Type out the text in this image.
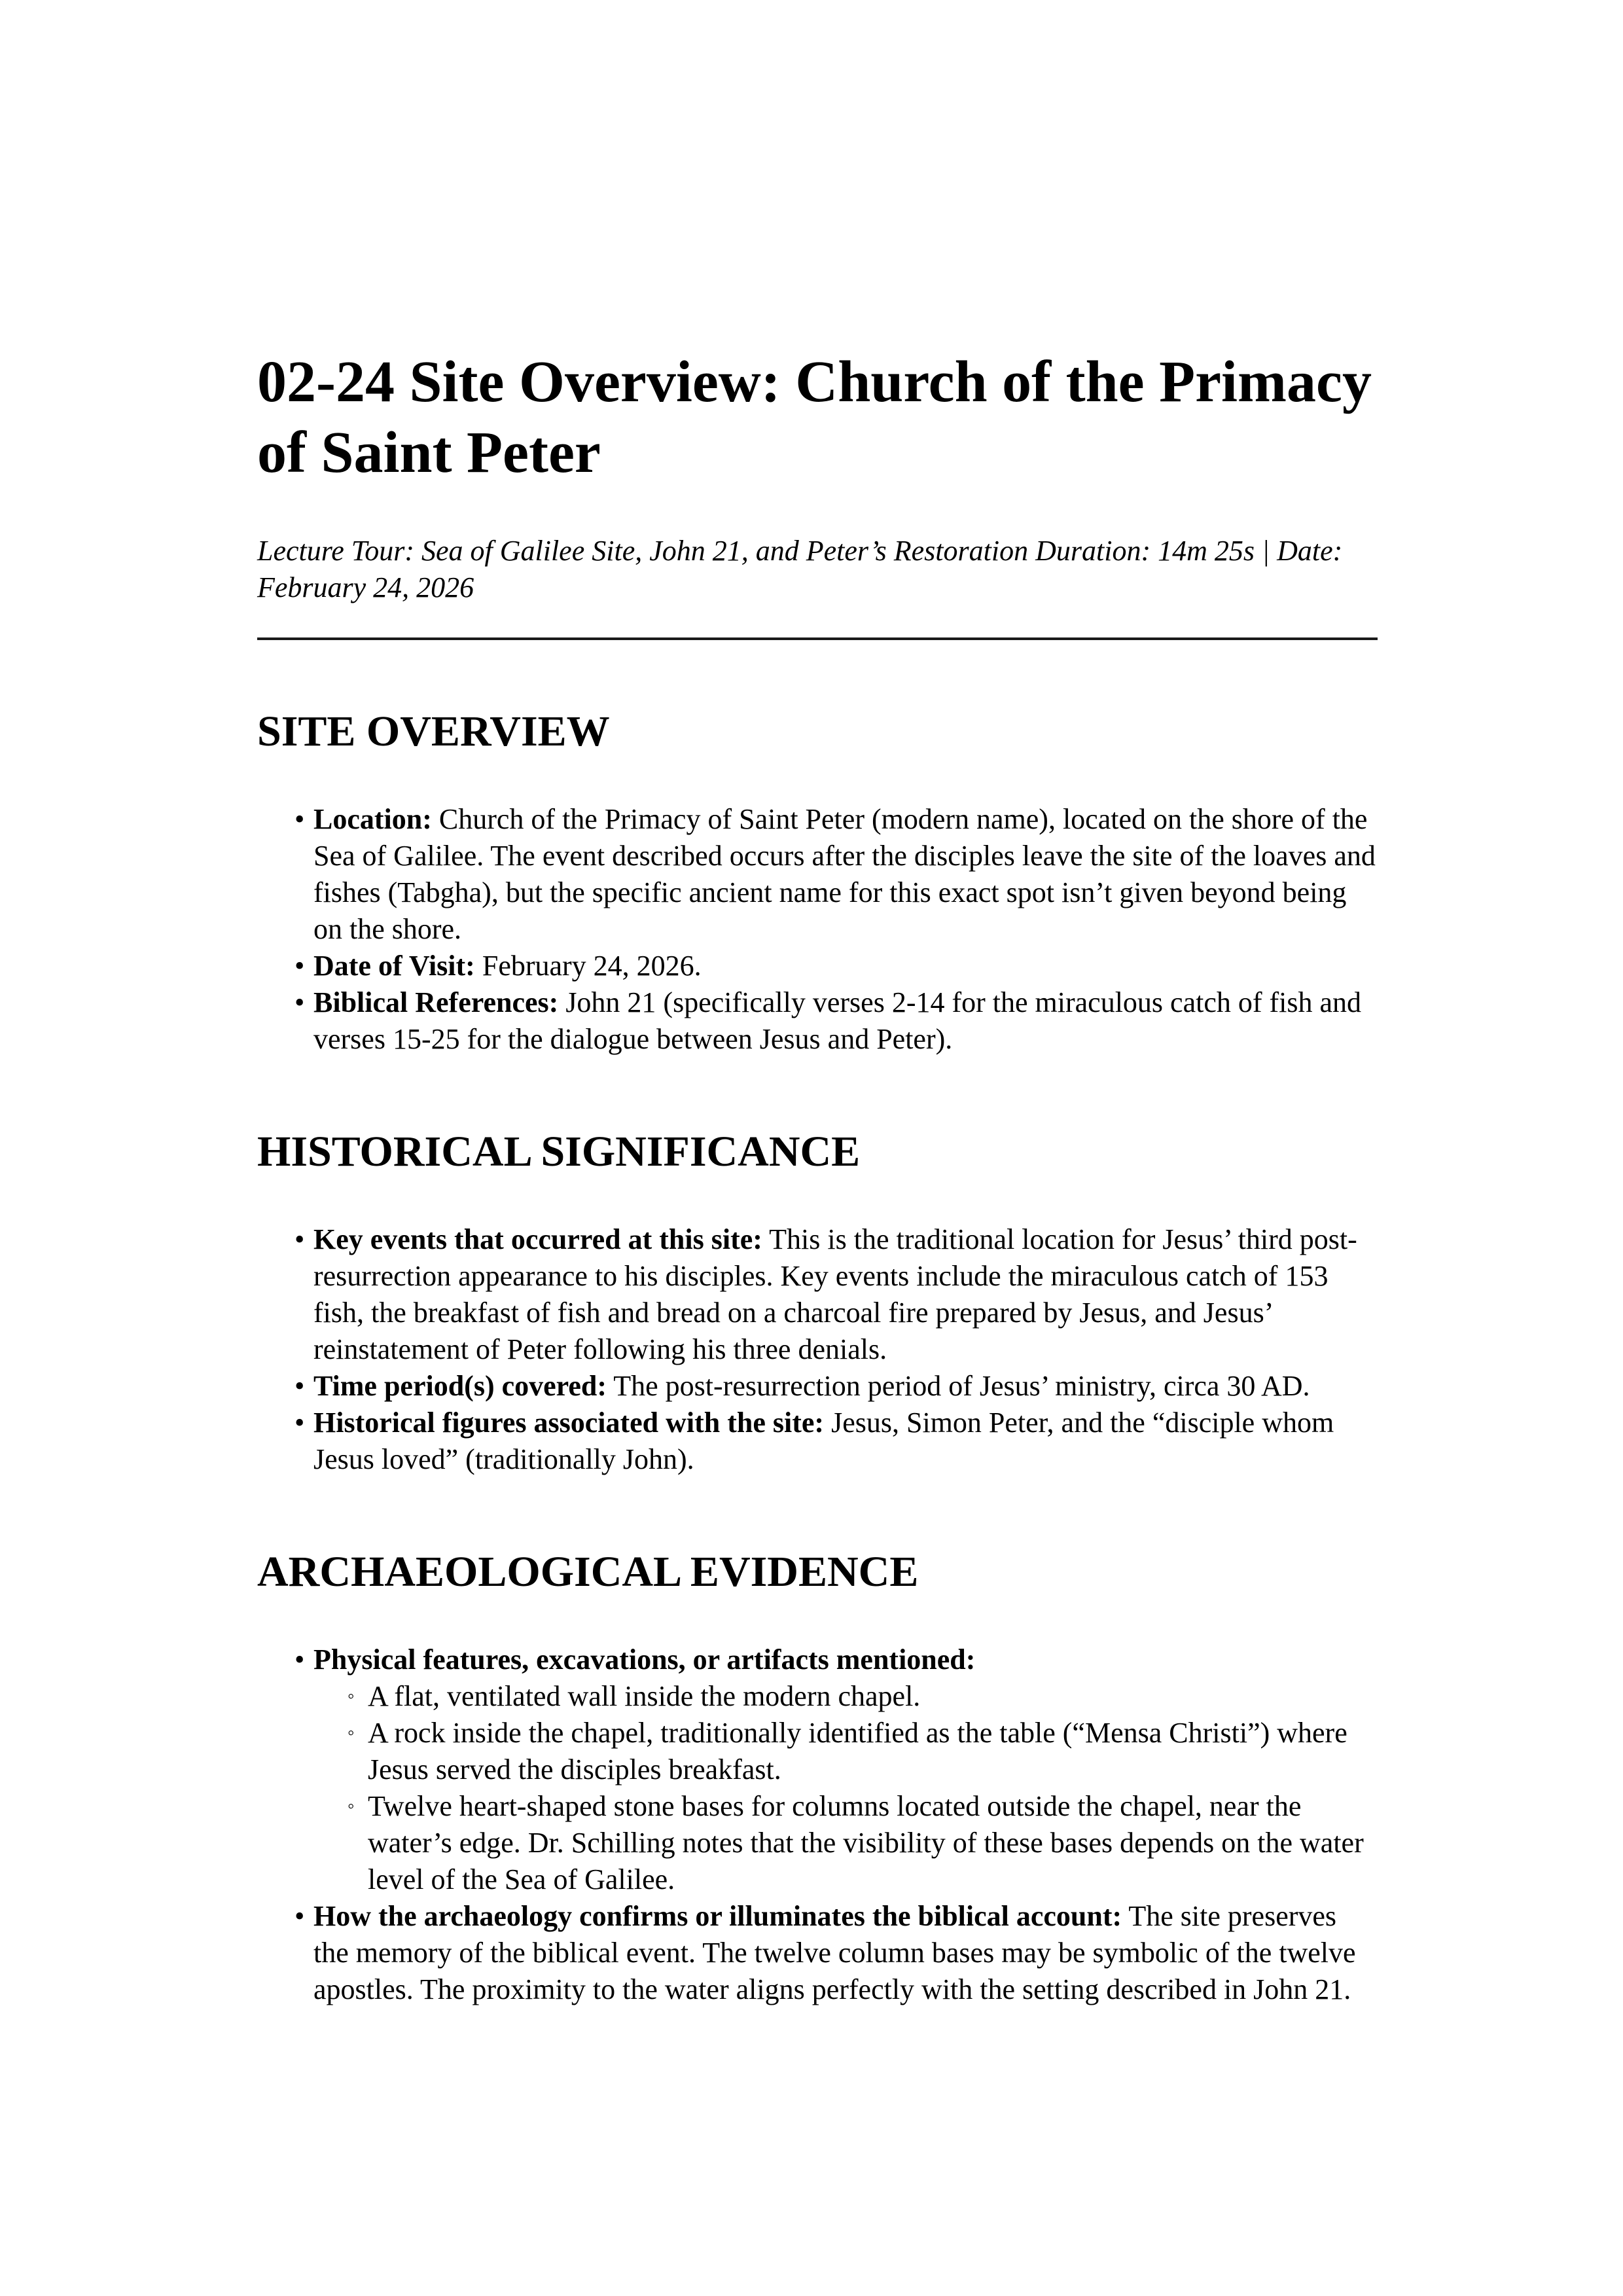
02-24 Site Overview: Church of the Primacy of Saint Peter
Lecture Tour: Sea of Galilee Site, John 21, and Peter’s Restoration Duration: 14m 25s | Date: February 24, 2026
SITE OVERVIEW
• Location: Church of the Primacy of Saint Peter (modern name), located on the shore of the Sea of Galilee. The event described occurs after the disciples leave the site of the loaves and fishes (Tabgha), but the specific ancient name for this exact spot isn’t given beyond being on the shore.
• Date of Visit: February 24, 2026.
• Biblical References: John 21 (specifically verses 2-14 for the miraculous catch of fish and verses 15-25 for the dialogue between Jesus and Peter).
HISTORICAL SIGNIFICANCE
• Key events that occurred at this site: This is the traditional location for Jesus’ third post-resurrection appearance to his disciples. Key events include the miraculous catch of 153 fish, the breakfast of fish and bread on a charcoal fire prepared by Jesus, and Jesus’ reinstatement of Peter following his three denials.
• Time period(s) covered: The post-resurrection period of Jesus’ ministry, circa 30 AD.
• Historical figures associated with the site: Jesus, Simon Peter, and the “disciple whom Jesus loved” (traditionally John).
ARCHAEOLOGICAL EVIDENCE
• Physical features, excavations, or artifacts mentioned:
◦ A flat, ventilated wall inside the modern chapel.
◦ A rock inside the chapel, traditionally identified as the table (“Mensa Christi”) where Jesus served the disciples breakfast.
◦ Twelve heart-shaped stone bases for columns located outside the chapel, near the water’s edge. Dr. Schilling notes that the visibility of these bases depends on the water level of the Sea of Galilee.
• How the archaeology confirms or illuminates the biblical account: The site preserves the memory of the biblical event. The twelve column bases may be symbolic of the twelve apostles. The proximity to the water aligns perfectly with the setting described in John 21.
